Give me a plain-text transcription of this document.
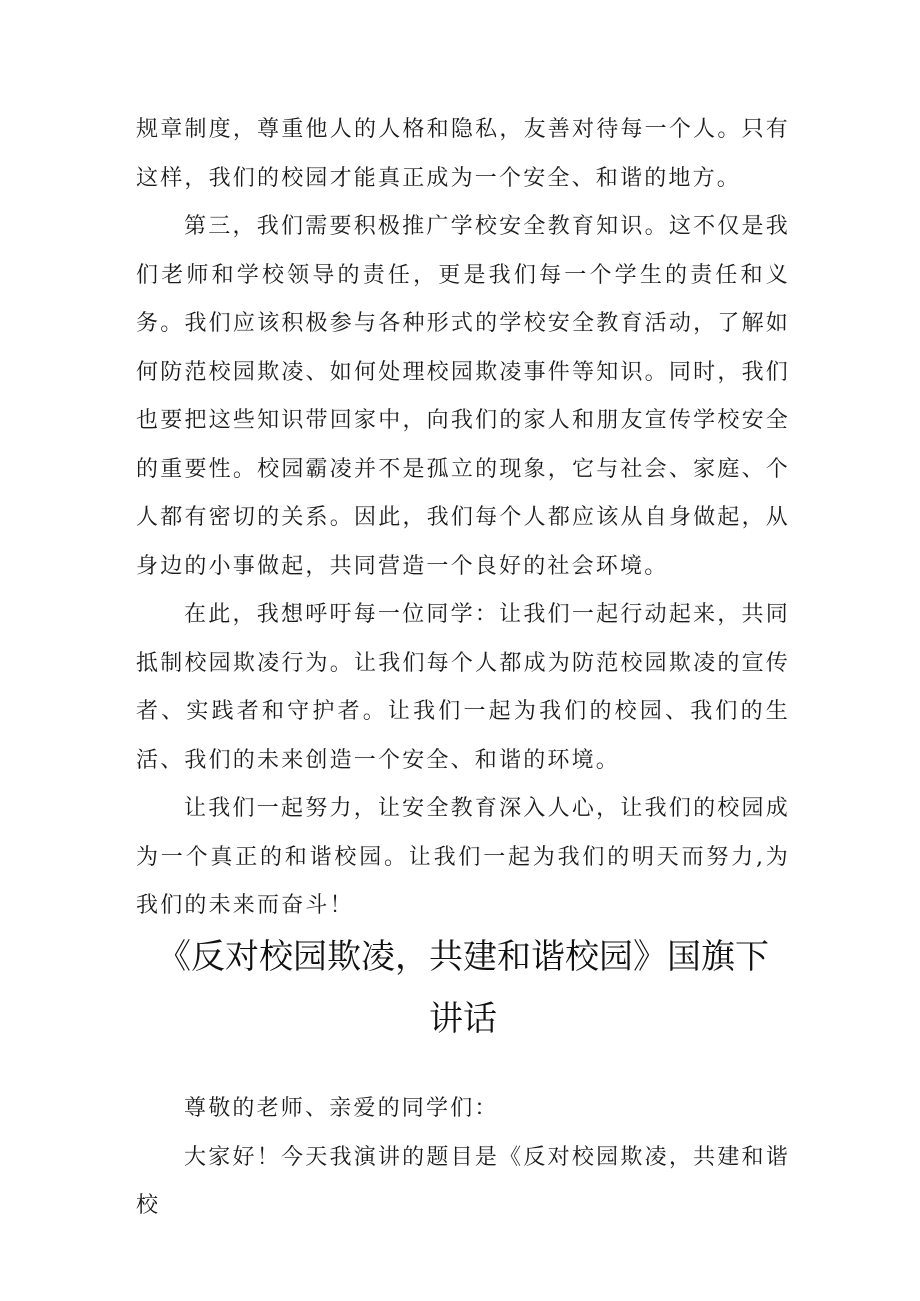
规章制度，尊重他人的人格和隐私，友善对待每一个人。只有这样，我们的校园才能真正成为一个安全、和谐的地方。

第三，我们需要积极推广学校安全教育知识。这不仅是我们老师和学校领导的责任，更是我们每一个学生的责任和义务。我们应该积极参与各种形式的学校安全教育活动，了解如何防范校园欺凌、如何处理校园欺凌事件等知识。同时，我们也要把这些知识带回家中，向我们的家人和朋友宣传学校安全的重要性。校园霸凌并不是孤立的现象，它与社会、家庭、个人都有密切的关系。因此，我们每个人都应该从自身做起，从身边的小事做起，共同营造一个良好的社会环境。

在此，我想呼吁每一位同学：让我们一起行动起来，共同抵制校园欺凌行为。让我们每个人都成为防范校园欺凌的宣传者、实践者和守护者。让我们一起为我们的校园、我们的生活、我们的未来创造一个安全、和谐的环境。

让我们一起努力，让安全教育深入人心，让我们的校园成为一个真正的和谐校园。让我们一起为我们的明天而努力,为我们的未来而奋斗！

《反对校园欺凌，共建和谐校园》国旗下

讲话

尊敬的老师、亲爱的同学们：

大家好！今天我演讲的题目是《反对校园欺凌，共建和谐校
